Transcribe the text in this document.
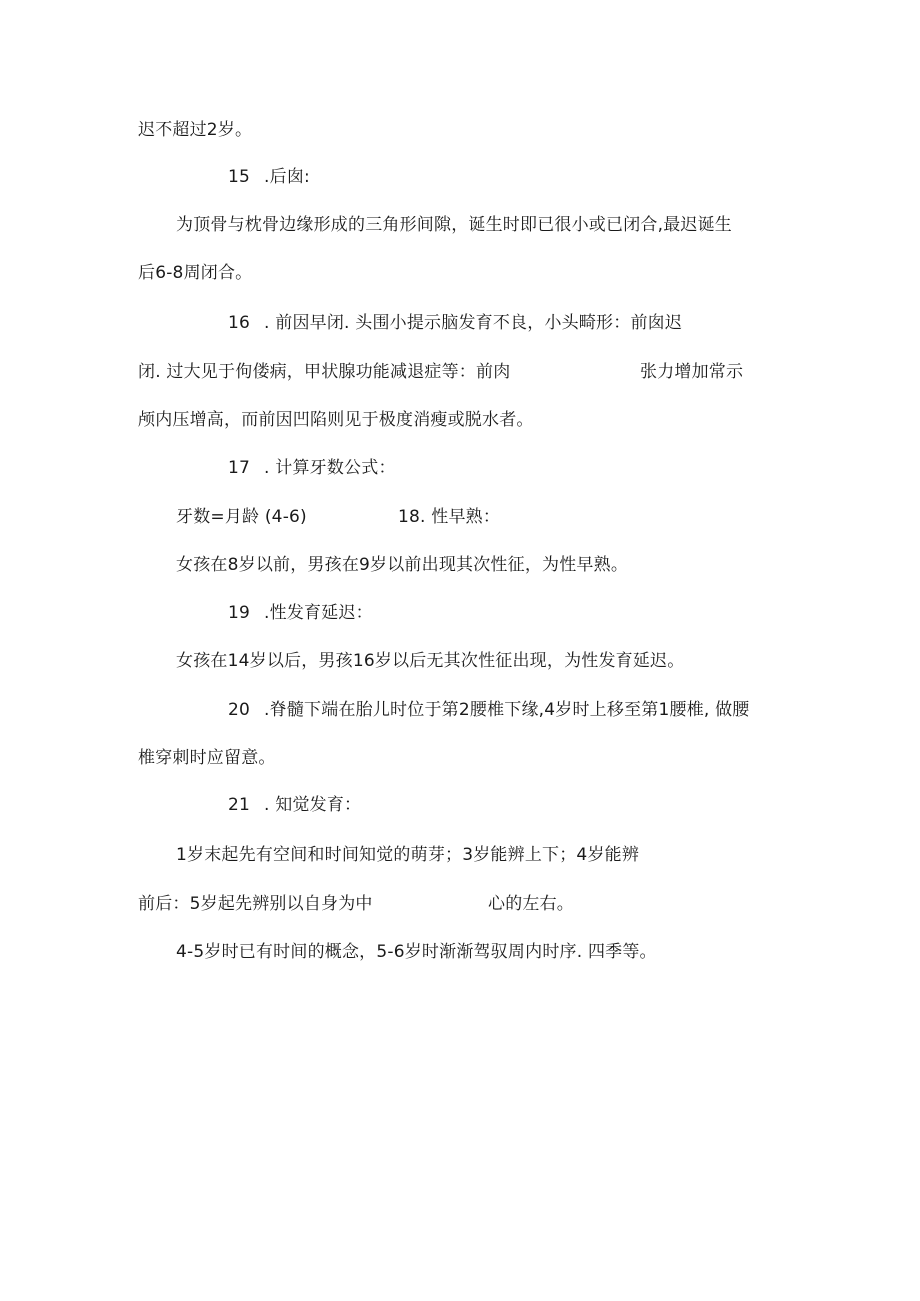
迟不超过2岁。
15 .后囱:
为顶骨与枕骨边缘形成的三角形间隙，诞生时即已很小或已闭合,最迟诞生
后6-8周闭合。
16 . 前因早闭. 头围小提示脑发育不良，小头畸形：前囱迟
闭. 过大见于佝偻病，甲状腺功能减退症等：前肉	张力增加常示
颅内压增高，而前因凹陷则见于极度消瘦或脱水者。
17 . 计算牙数公式：
牙数=月龄 (4-6)	18. 性早熟：
女孩在8岁以前，男孩在9岁以前出现其次性征，为性早熟。
19 .性发育延迟：
女孩在14岁以后，男孩16岁以后无其次性征出现，为性发育延迟。
20 .脊髓下端在胎儿时位于第2腰椎下缘,4岁时上移至第1腰椎, 做腰
椎穿刺时应留意。
21 . 知觉发育：
1岁末起先有空间和时间知觉的萌芽；3岁能辨上下；4岁能辨
前后：5岁起先辨别以自身为中	心的左右。
4-5岁时已有时间的概念，5-6岁时渐渐驾驭周内时序. 四季等。
